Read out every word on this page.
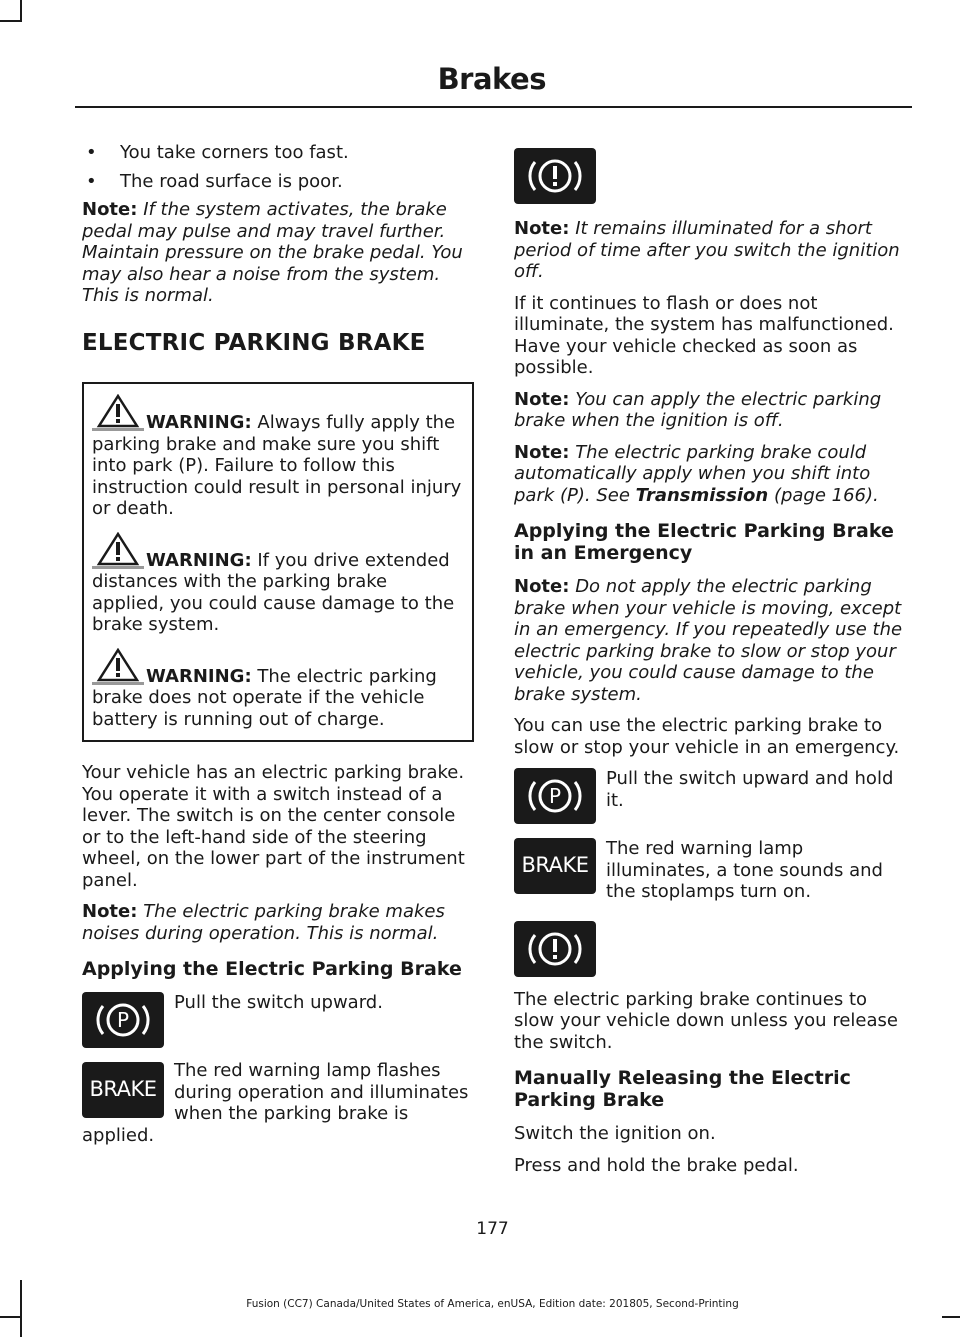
Brakes
•	You take corners too fast.
•	The road surface is poor.

Note: If the system activates, the brake pedal may pulse and may travel further. Maintain pressure on the brake pedal. You may also hear a noise from the system. This is normal.

ELECTRIC PARKING BRAKE

WARNING: Always fully apply the parking brake and make sure you shift into park (P). Failure to follow this instruction could result in personal injury or death.

WARNING: If you drive extended distances with the parking brake applied, you could cause damage to the brake system.

WARNING: The electric parking brake does not operate if the vehicle battery is running out of charge.

Your vehicle has an electric parking brake. You operate it with a switch instead of a lever. The switch is on the center console or to the left-hand side of the steering wheel, on the lower part of the instrument panel.

Note: The electric parking brake makes noises during operation. This is normal.

Applying the Electric Parking Brake
P
Pull the switch upward.
BRAKE
The red warning lamp flashes during operation and illuminates when the parking brake is applied.

Note: It remains illuminated for a short period of time after you switch the ignition off.

If it continues to flash or does not illuminate, the system has malfunctioned. Have your vehicle checked as soon as possible.

Note: You can apply the electric parking brake when the ignition is off.

Note: The electric parking brake could automatically apply when you shift into park (P). See Transmission (page 166).

Applying the Electric Parking Brake in an Emergency

Note: Do not apply the electric parking brake when your vehicle is moving, except in an emergency. If you repeatedly use the electric parking brake to slow or stop your vehicle, you could cause damage to the brake system.

You can use the electric parking brake to slow or stop your vehicle in an emergency.

P
Pull the switch upward and hold it.
BRAKE
The red warning lamp illuminates, a tone sounds and the stoplamps turn on.

The electric parking brake continues to slow your vehicle down unless you release the switch.

Manually Releasing the Electric Parking Brake

Switch the ignition on.

Press and hold the brake pedal.

177
Fusion (CC7) Canada/United States of America, enUSA, Edition date: 201805, Second-Printing
